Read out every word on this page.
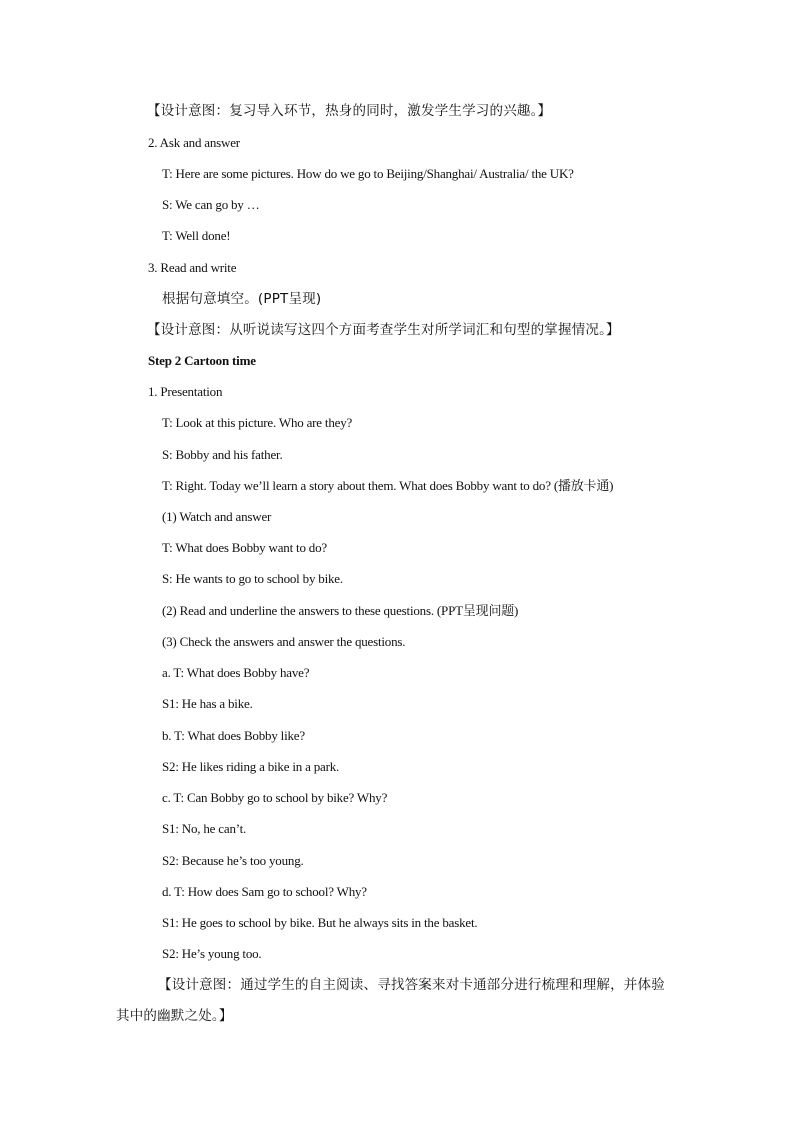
【设计意图：复习导入环节，热身的同时，激发学生学习的兴趣。】
2. Ask and answer
T: Here are some pictures. How do we go to Beijing/Shanghai/ Australia/ the UK?
S: We can go by …
T: Well done!
3. Read and write
根据句意填空。(PPT呈现)
【设计意图：从听说读写这四个方面考查学生对所学词汇和句型的掌握情况。】
Step 2 Cartoon time
1. Presentation
T: Look at this picture. Who are they?
S: Bobby and his father.
T: Right. Today we’ll learn a story about them. What does Bobby want to do? (播放卡通)
(1) Watch and answer
T: What does Bobby want to do?
S: He wants to go to school by bike.
(2) Read and underline the answers to these questions. (PPT呈现问题)
(3) Check the answers and answer the questions.
a. T: What does Bobby have?
S1: He has a bike.
b. T: What does Bobby like?
S2: He likes riding a bike in a park.
c. T: Can Bobby go to school by bike? Why?
S1: No, he can’t.
S2: Because he’s too young.
d. T: How does Sam go to school? Why?
S1: He goes to school by bike. But he always sits in the basket.
S2: He’s young too.
【设计意图：通过学生的自主阅读、寻找答案来对卡通部分进行梳理和理解，并体验
其中的幽默之处。】
